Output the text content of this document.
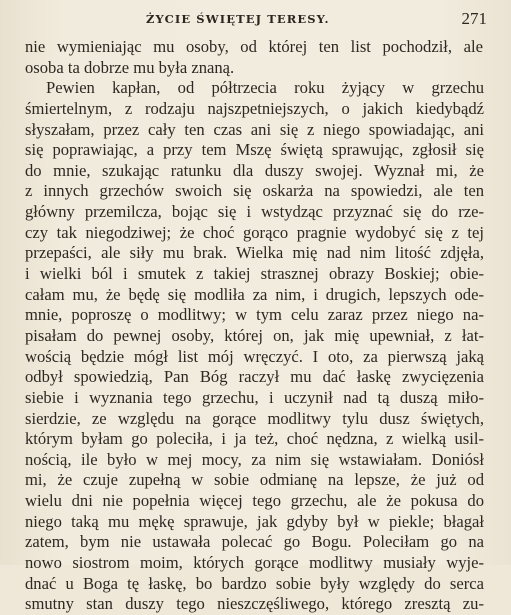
ŻYCIE ŚWIĘTEJ TERESY.	271
nie wymieniając mu osoby, od której ten list pochodził, ale
osoba ta dobrze mu była znaną.
Pewien kapłan, od półtrzecia roku żyjący w grzechu
śmiertelnym, z rodzaju najszpetniejszych, o jakich kiedybądź
słyszałam, przez cały ten czas ani się z niego spowiadając, ani
się poprawiając, a przy tem Mszę świętą sprawując, zgłosił się
do mnie, szukając ratunku dla duszy swojej. Wyznał mi, że
z innych grzechów swoich się oskarża na spowiedzi, ale ten
główny przemilcza, bojąc się i wstydząc przyznać się do rze-
czy tak niegodziwej; że choć gorąco pragnie wydobyć się z tej
przepaści, ale siły mu brak. Wielka mię nad nim litość zdjęła,
i wielki ból i smutek z takiej strasznej obrazy Boskiej; obie-
całam mu, że będę się modliła za nim, i drugich, lepszych ode-
mnie, poproszę o modlitwy; w tym celu zaraz przez niego na-
pisałam do pewnej osoby, której on, jak mię upewniał, z łat-
wością będzie mógł list mój wręczyć. I oto, za pierwszą jaką
odbył spowiedzią, Pan Bóg raczył mu dać łaskę zwycięzenia
siebie i wyznania tego grzechu, i uczynił nad tą duszą miło-
sierdzie, ze względu na gorące modlitwy tylu dusz świętych,
którym byłam go poleciła, i ja też, choć nędzna, z wielką usil-
nością, ile było w mej mocy, za nim się wstawiałam. Doniósł
mi, że czuje zupełną w sobie odmianę na lepsze, że już od
wielu dni nie popełnia więcej tego grzechu, ale że pokusa do
niego taką mu mękę sprawuje, jak gdyby był w piekle; błagał
zatem, bym nie ustawała polecać go Bogu. Poleciłam go na
nowo siostrom moim, których gorące modlitwy musiały wyje-
dnać u Boga tę łaskę, bo bardzo sobie były względy do serca
smutny stan duszy tego nieszczęśliwego, którego zresztą zu-
